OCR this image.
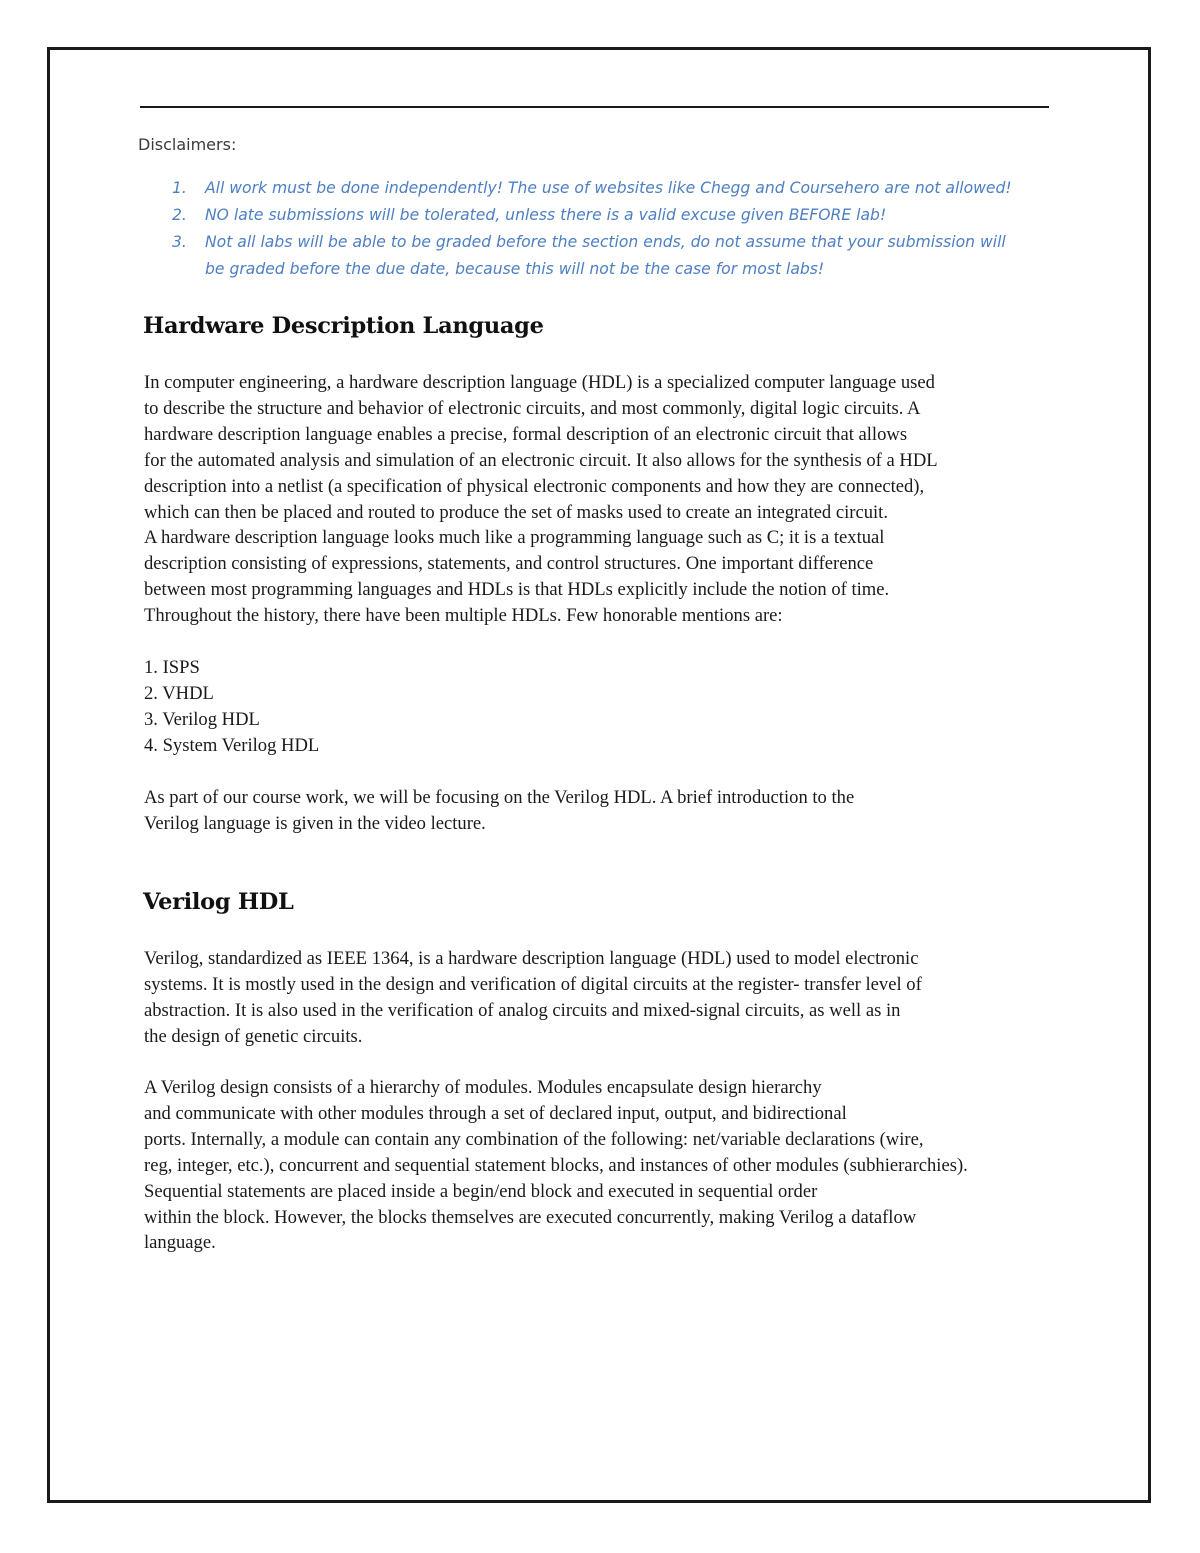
Disclaimers:
1. All work must be done independently! The use of websites like Chegg and Coursehero are not allowed!
2. NO late submissions will be tolerated, unless there is a valid excuse given BEFORE lab!
3. Not all labs will be able to be graded before the section ends, do not assume that your submission will
be graded before the due date, because this will not be the case for most labs!
Hardware Description Language
In computer engineering, a hardware description language (HDL) is a specialized computer language used
to describe the structure and behavior of electronic circuits, and most commonly, digital logic circuits. A
hardware description language enables a precise, formal description of an electronic circuit that allows
for the automated analysis and simulation of an electronic circuit. It also allows for the synthesis of a HDL
description into a netlist (a specification of physical electronic components and how they are connected),
which can then be placed and routed to produce the set of masks used to create an integrated circuit.
A hardware description language looks much like a programming language such as C; it is a textual
description consisting of expressions, statements, and control structures. One important difference
between most programming languages and HDLs is that HDLs explicitly include the notion of time.
Throughout the history, there have been multiple HDLs. Few honorable mentions are:
1. ISPS
2. VHDL
3. Verilog HDL
4. System Verilog HDL
As part of our course work, we will be focusing on the Verilog HDL. A brief introduction to the
Verilog language is given in the video lecture.
Verilog HDL
Verilog, standardized as IEEE 1364, is a hardware description language (HDL) used to model electronic
systems. It is mostly used in the design and verification of digital circuits at the register- transfer level of
abstraction. It is also used in the verification of analog circuits and mixed-signal circuits, as well as in
the design of genetic circuits.
A Verilog design consists of a hierarchy of modules. Modules encapsulate design hierarchy
and communicate with other modules through a set of declared input, output, and bidirectional
ports. Internally, a module can contain any combination of the following: net/variable declarations (wire,
reg, integer, etc.), concurrent and sequential statement blocks, and instances of other modules (subhierarchies).
Sequential statements are placed inside a begin/end block and executed in sequential order
within the block. However, the blocks themselves are executed concurrently, making Verilog a dataflow
language.
